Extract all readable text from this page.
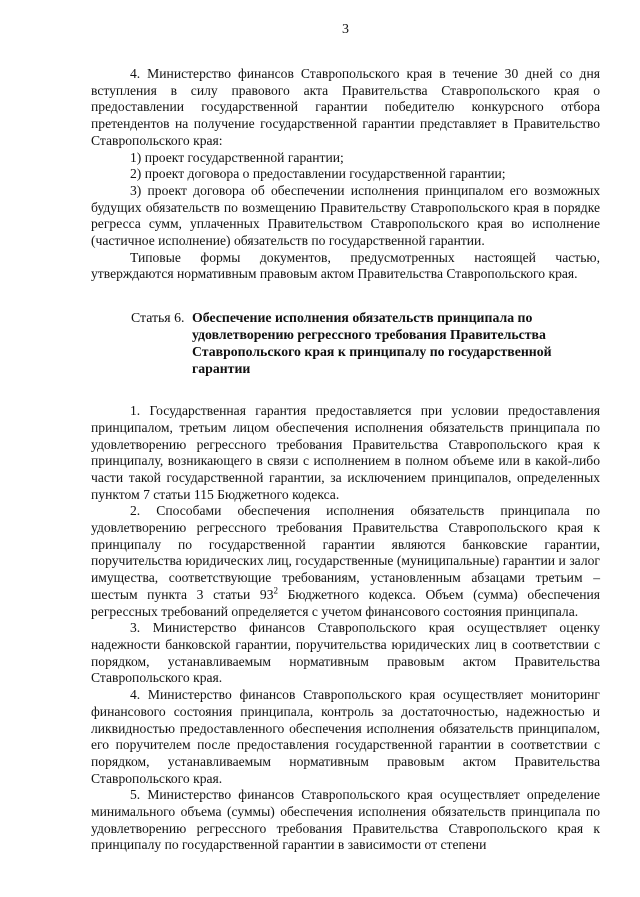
3

4. Министерство финансов Ставропольского края в течение 30 дней со дня вступления в силу правового акта Правительства Ставропольского края о предоставлении государственной гарантии победителю конкурсного отбора претендентов на получение государственной гарантии представляет в Правительство Ставропольского края:

1) проект государственной гарантии;

2) проект договора о предоставлении государственной гарантии;

3) проект договора об обеспечении исполнения принципалом его возможных будущих обязательств по возмещению Правительству Ставропольского края в порядке регресса сумм, уплаченных Правительством Ставропольского края во исполнение (частичное исполнение) обязательств по государственной гарантии.

Типовые формы документов, предусмотренных настоящей частью, утверждаются нормативным правовым актом Правительства Ставропольского края.

Статья 6. Обеспечение исполнения обязательств принципала по удовлетворению регрессного требования Правительства Ставропольского края к принципалу по государственной гарантии

1. Государственная гарантия предоставляется при условии предоставления принципалом, третьим лицом обеспечения исполнения обязательств принципала по удовлетворению регрессного требования Правительства Ставропольского края к принципалу, возникающего в связи с исполнением в полном объеме или в какой-либо части такой государственной гарантии, за исключением принципалов, определенных пунктом 7 статьи 115 Бюджетного кодекса.

2. Способами обеспечения исполнения обязательств принципала по удовлетворению регрессного требования Правительства Ставропольского края к принципалу по государственной гарантии являются банковские гарантии, поручительства юридических лиц, государственные (муниципальные) гарантии и залог имущества, соответствующие требованиям, установленным абзацами третьим – шестым пункта 3 статьи $93^2$ Бюджетного кодекса. Объем (сумма) обеспечения регрессных требований определяется с учетом финансового состояния принципала.

3. Министерство финансов Ставропольского края осуществляет оценку надежности банковской гарантии, поручительства юридических лиц в соответствии с порядком, устанавливаемым нормативным правовым актом Правительства Ставропольского края.

4. Министерство финансов Ставропольского края осуществляет мониторинг финансового состояния принципала, контроль за достаточностью, надежностью и ликвидностью предоставленного обеспечения исполнения обязательств принципалом, его поручителем после предоставления государственной гарантии в соответствии с порядком, устанавливаемым нормативным правовым актом Правительства Ставропольского края.

5. Министерство финансов Ставропольского края осуществляет определение минимального объема (суммы) обеспечения исполнения обязательств принципала по удовлетворению регрессного требования Правительства Ставропольского края к принципалу по государственной гарантии в зависимости от степени
